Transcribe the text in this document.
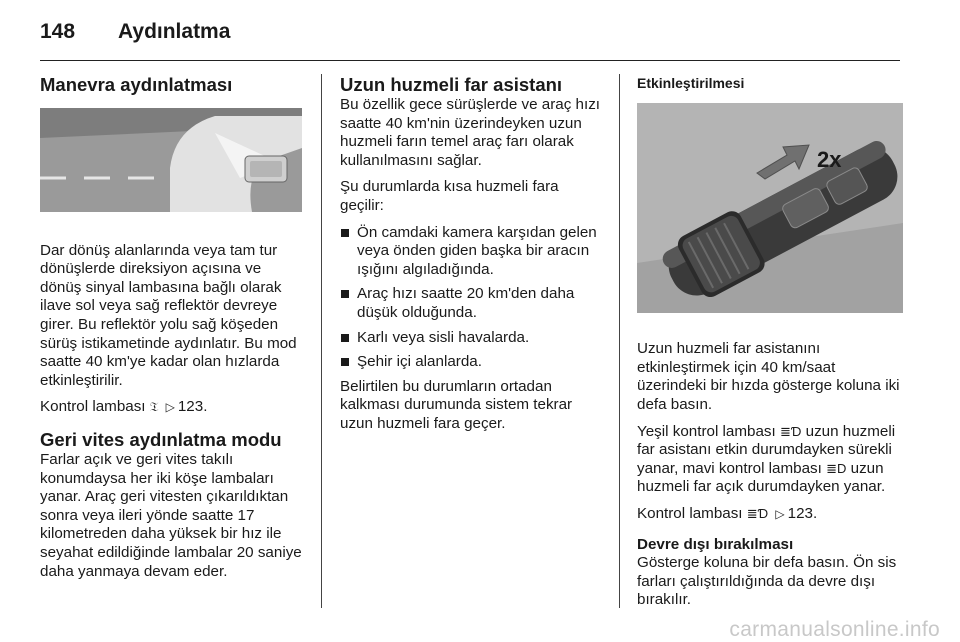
148	Aydınlatma
Manevra aydınlatması

Dar dönüş alanlarında veya tam tur dönüşlerde direksiyon açısına ve dönüş sinyal lambasına bağlı olarak ilave sol veya sağ reflektör devreye girer. Bu reflektör yolu sağ köşeden sürüş istikametinde aydınlatır. Bu mod saatte 40 km'ye kadar olan hızlarda etkinleştirilir.

Kontrol lambası 𝔗 ▷ 123.

Geri vites aydınlatma modu

Farlar açık ve geri vites takılı konumdaysa her iki köşe lambaları yanar. Araç geri vitesten çıkarıldıktan sonra veya ileri yönde saatte 17 kilometreden daha yüksek bir hız ile seyahat edildiğinde lambalar 20 saniye daha yanmaya devam eder.

Uzun huzmeli far asistanı

Bu özellik gece sürüşlerde ve araç hızı saatte 40 km'nin üzerindeyken uzun huzmeli farın temel araç farı olarak kullanılmasını sağlar.

Şu durumlarda kısa huzmeli fara geçilir:

Ön camdaki kamera karşıdan gelen veya önden giden başka bir aracın ışığını algıladığında.
Araç hızı saatte 20 km'den daha düşük olduğunda.
Karlı veya sisli havalarda.
Şehir içi alanlarda.

Belirtilen bu durumların ortadan kalkması durumunda sistem tekrar uzun huzmeli fara geçer.

Etkinleştirilmesi
2x

Uzun huzmeli far asistanını etkinleştirmek için 40 km/saat üzerindeki bir hızda gösterge koluna iki defa basın.

Yeşil kontrol lambası ≣Ɗ uzun huzmeli far asistanı etkin durumdayken sürekli yanar, mavi kontrol lambası ≣D uzun huzmeli far açık durumdayken yanar.

Kontrol lambası ≣Ɗ ▷ 123.

Devre dışı bırakılması

Gösterge koluna bir defa basın. Ön sis farları çalıştırıldığında da devre dışı bırakılır.

carmanualsonline.info
